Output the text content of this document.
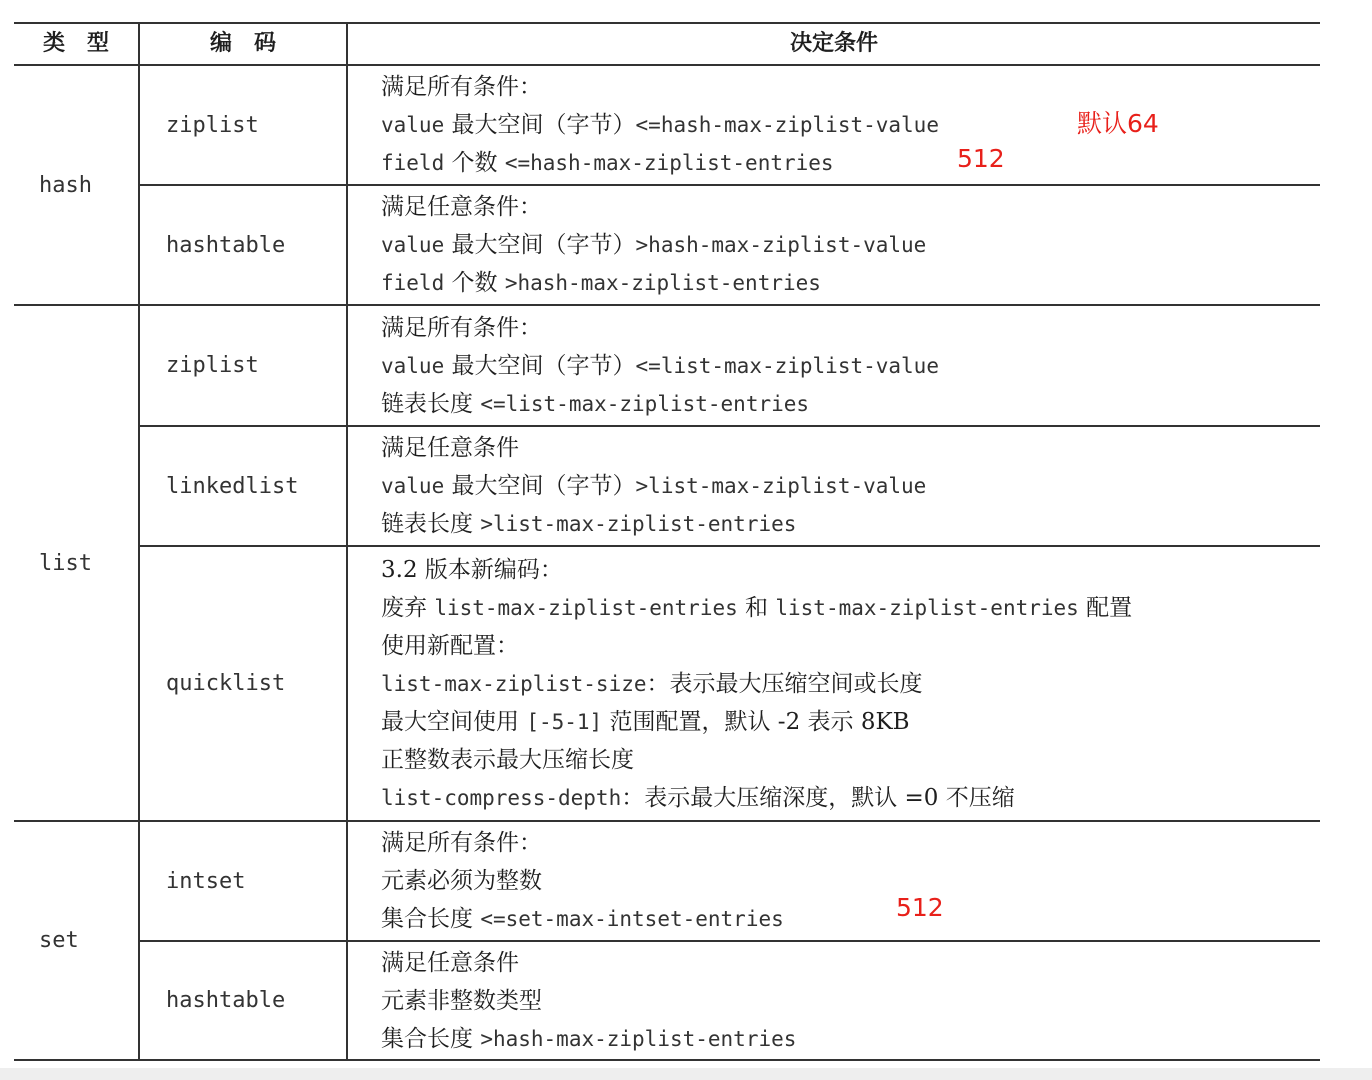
类　型	编　码	决定条件
hash
list
set
ziplist
hashtable
ziplist
linkedlist
quicklist
intset
hashtable
满足所有条件：
value 最大空间（字节）<=hash-max-ziplist-value
field 个数 <=hash-max-ziplist-entries
满足任意条件：
value 最大空间（字节）>hash-max-ziplist-value
field 个数 >hash-max-ziplist-entries
满足所有条件：
value 最大空间（字节）<=list-max-ziplist-value
链表长度 <=list-max-ziplist-entries
满足任意条件
value 最大空间（字节）>list-max-ziplist-value
链表长度 >list-max-ziplist-entries
3.2 版本新编码：
废弃 list-max-ziplist-entries 和 list-max-ziplist-entries 配置
使用新配置：
list-max-ziplist-size：表示最大压缩空间或长度
最大空间使用 [-5-1] 范围配置，默认 -2 表示 8KB
正整数表示最大压缩长度
list-compress-depth：表示最大压缩深度，默认 =0 不压缩
满足所有条件：
元素必须为整数
集合长度 <=set-max-intset-entries
满足任意条件
元素非整数类型
集合长度 >hash-max-ziplist-entries
默认64
512
512
